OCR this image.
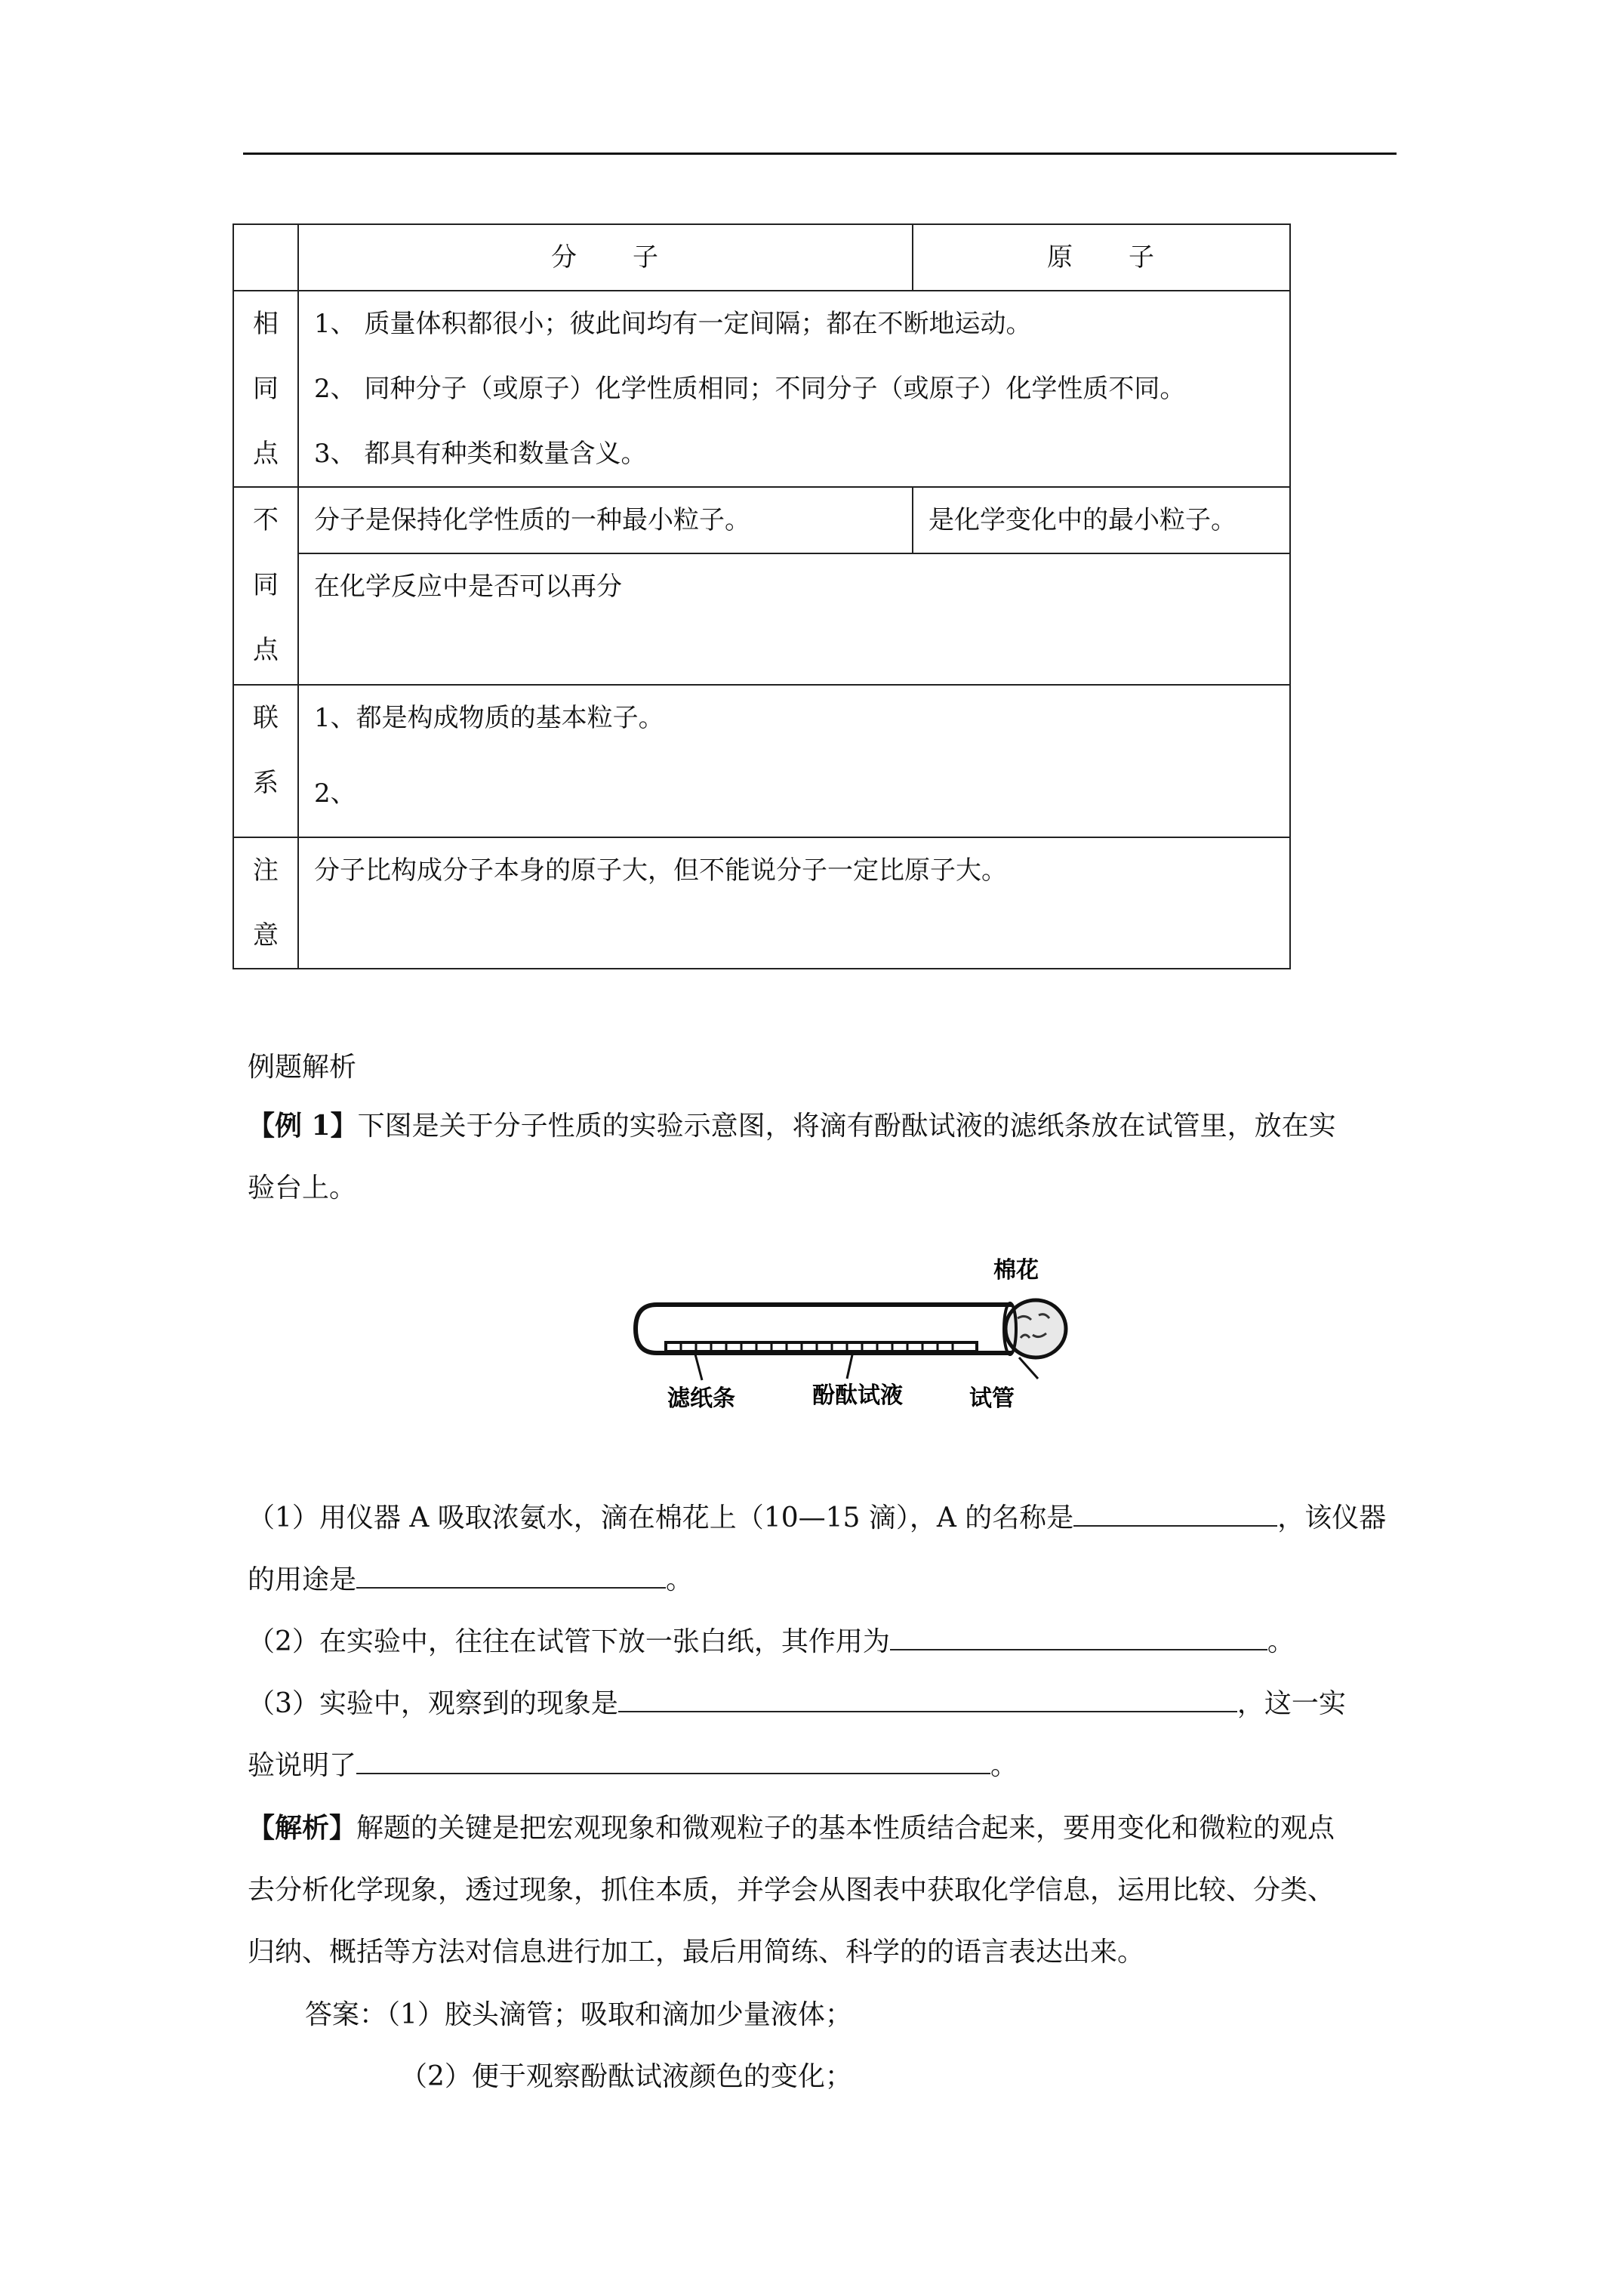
	分　　子	原　　子

相
同
点	1、 质量体积都很小；彼此间均有一定间隔；都在不断地运动。
2、 同种分子（或原子）化学性质相同；不同分子（或原子）化学性质不同。
3、 都具有种类和数量含义。	

不
同
点	分子是保持化学性质的一种最小粒子。	是化学变化中的最小粒子。
	在化学反应中是否可以再分	

联
系	1、都是构成物质的基本粒子。
2、	

注
意	分子比构成分子本身的原子大，但不能说分子一定比原子大。	
例题解析
【例 1】下图是关于分子性质的实验示意图，将滴有酚酞试液的滤纸条放在试管里，放在实
验台上。
棉花
滤纸条	酚酞试液	试管
（1）用仪器 A 吸取浓氨水，滴在棉花上（10—15 滴），A 的名称是	，该仪器
的用途是	。
（2）在实验中，往往在试管下放一张白纸，其作用为	。
（3）实验中，观察到的现象是	，这一实
验说明了	。
【解析】解题的关键是把宏观现象和微观粒子的基本性质结合起来，要用变化和微粒的观点
去分析化学现象，透过现象，抓住本质，并学会从图表中获取化学信息，运用比较、分类、
归纳、概括等方法对信息进行加工，最后用简练、科学的的语言表达出来。
答案：（1）胶头滴管；吸取和滴加少量液体；
（2）便于观察酚酞试液颜色的变化；
